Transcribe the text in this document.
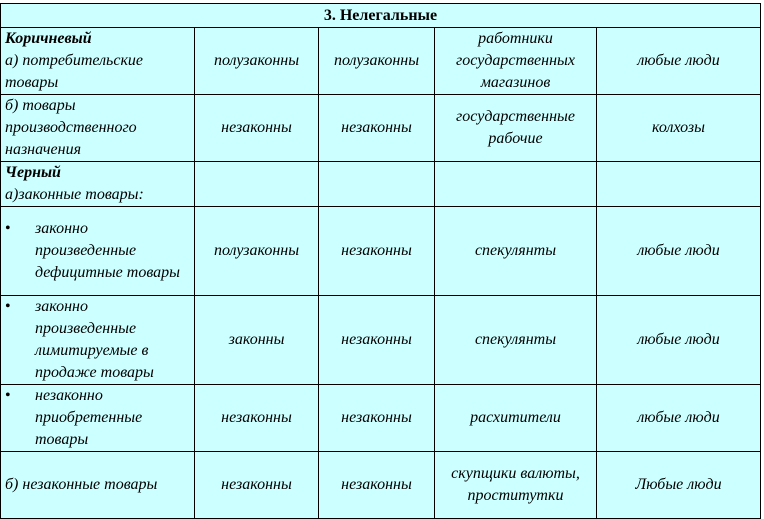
3. Нелегальные				
Коричневый
а) потребительские товары	полузаконны	полузаконны	работники государственных магазинов	любые люди
б) товары производственного назначения	незаконны	незаконны	государственные рабочие	колхозы
Черный
а)законные товары:				

• законно произведенные дефицитные товары	полузаконны	незаконны	спекулянты	любые люди

• законно произведенные лимитируемые в продаже товары	законны	незаконны	спекулянты	любые люди

• незаконно приобретенные товары	незаконны	незаконны	расхитители	любые люди
б) незаконные товары	незаконны	незаконны	скупщики валюты, проститутки	Любые люди
